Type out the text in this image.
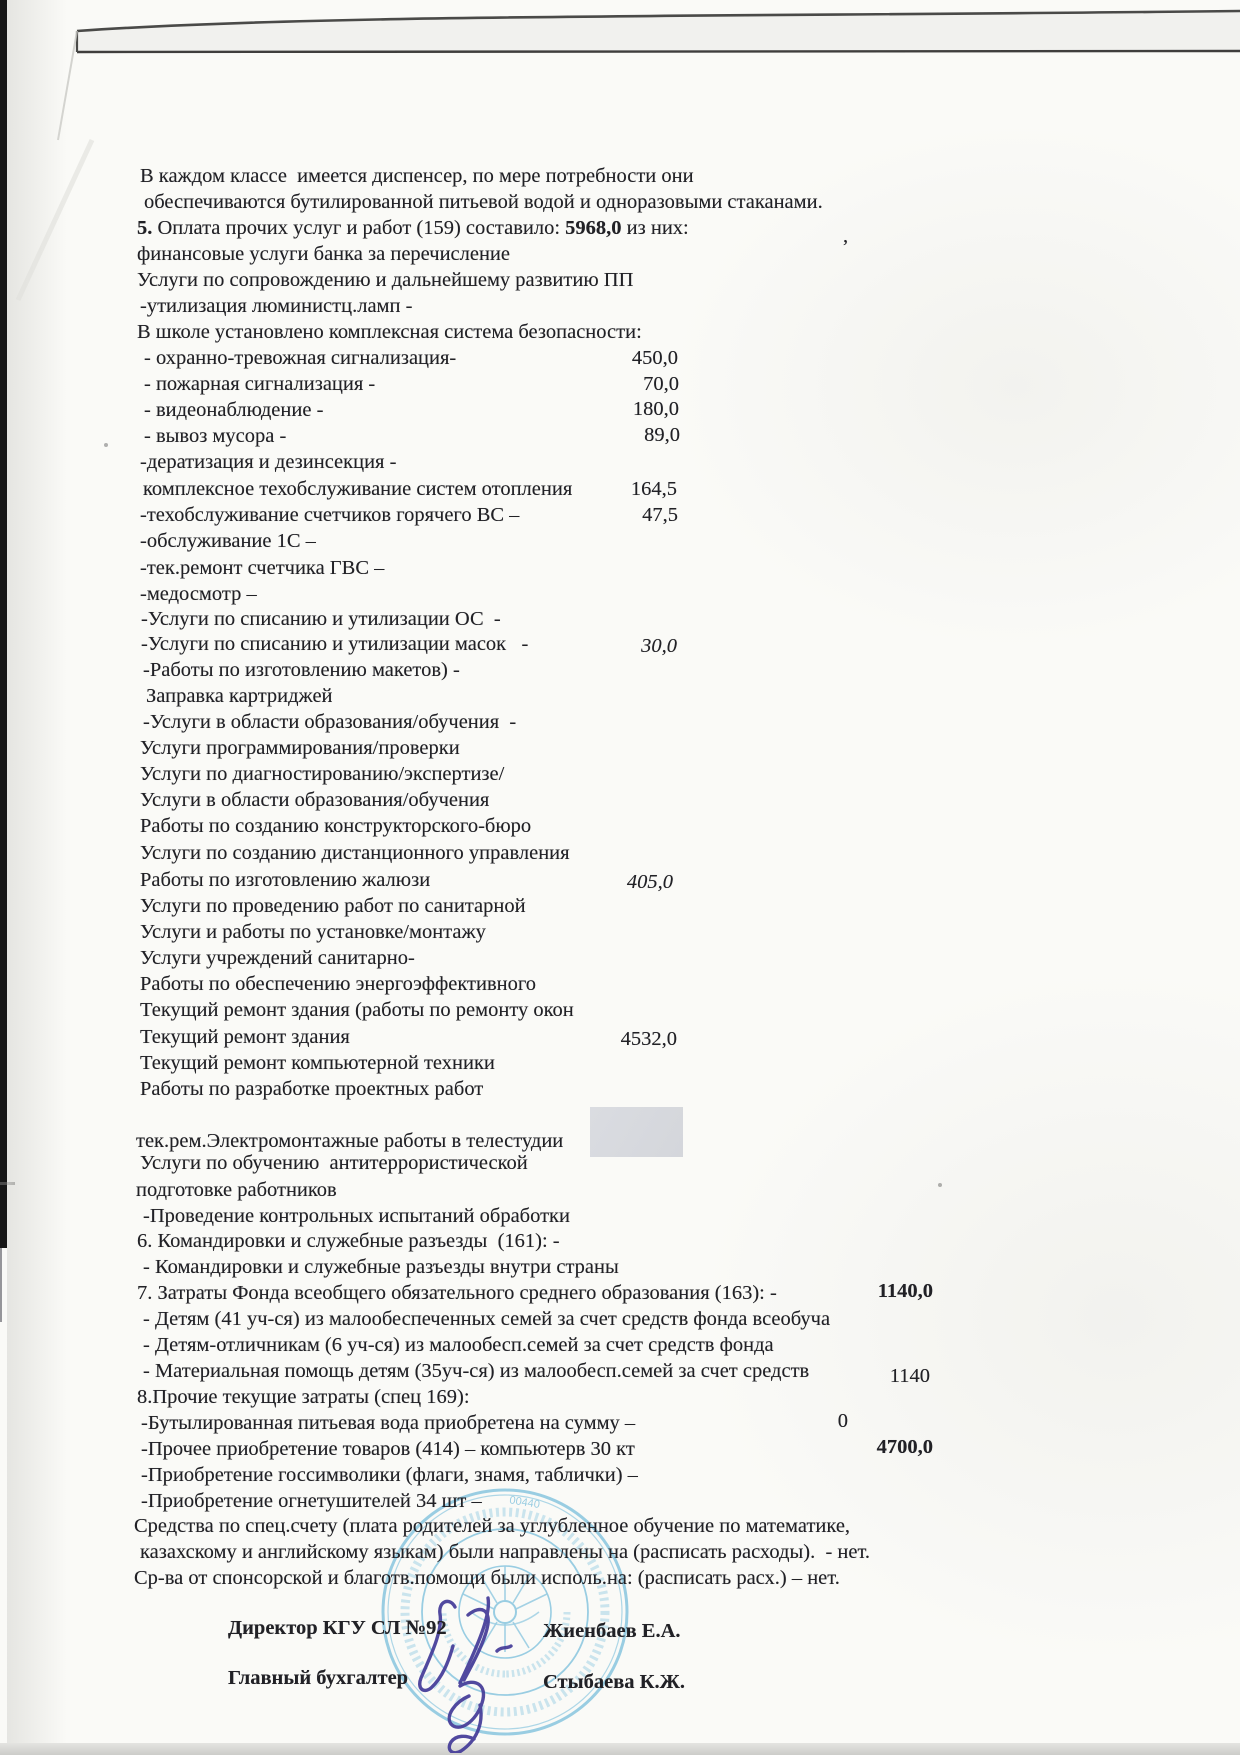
00440
В каждом классе  имеется диспенсер, по мере потребности они
обеспечиваются бутилированной питьевой водой и одноразовыми стаканами.
5. Оплата прочих услуг и работ (159) составило: 5968,0 из них:	,
финансовые услуги банка за перечисление
Услуги по сопровождению и дальнейшему развитию ПП
-утилизация люминистц.ламп -
В школе установлено комплексная система безопасности:
- охранно-тревожная сигнализация-	450,0
- пожарная сигнализация -	70,0
- видеонаблюдение -	180,0
- вывоз мусора -	89,0
-дератизация и дезинсекция -
комплексное техобслуживание систем отопления	164,5
-техобслуживание счетчиков горячего ВС –	47,5
-обслуживание 1С –
-тек.ремонт счетчика ГВС –
-медосмотр –
-Услуги по списанию и утилизации ОС  -
-Услуги по списанию и утилизации масок   -	30,0
-Работы по изготовлению макетов) -
Заправка картриджей
-Услуги в области образования/обучения  -
Услуги программирования/проверки
Услуги по диагностированию/экспертизе/
Услуги в области образования/обучения
Работы по созданию конструкторского-бюро
Услуги по созданию дистанционного управления
Работы по изготовлению жалюзи	405,0
Услуги по проведению работ по санитарной
Услуги и работы по установке/монтажу
Услуги учреждений санитарно-
Работы по обеспечению энергоэффективного
Текущий ремонт здания (работы по ремонту окон
Текущий ремонт здания	4532,0
Текущий ремонт компьютерной техники
Работы по разработке проектных работ
тек.рем.Электромонтажные работы в телестудии
Услуги по обучению  антитеррористической
подготовке работников
-Проведение контрольных испытаний обработки
6. Командировки и служебные разъезды  (161): -
- Командировки и служебные разъезды внутри страны
7. Затраты Фонда всеобщего обязательного среднего образования (163): -	1140,0
- Детям (41 уч-ся) из малообеспеченных семей за счет средств фонда всеобуча
- Детям-отличникам (6 уч-ся) из малообесп.семей за счет средств фонда
- Материальная помощь детям (35уч-ся) из малообесп.семей за счет средств	1140
8.Прочие текущие затраты (спец 169):
-Бутылированная питьевая вода приобретена на сумму –	0
-Прочее приобретение товаров (414) – компьютерв 30 кт	4700,0
-Приобретение госсимволики (флаги, знамя, таблички) –
-Приобретение огнетушителей 34 шт –
Средства по спец.счету (плата родителей за углубленное обучение по математике,
казахскому и английскому языкам) были направлены на (расписать расходы).  - нет.
Ср-ва от спонсорской и благотв.помощи были исполь.на: (расписать расх.) – нет.
Директор КГУ СЛ №92	Жиенбаев Е.А.
Главный бухгалтер	Стыбаева К.Ж.
